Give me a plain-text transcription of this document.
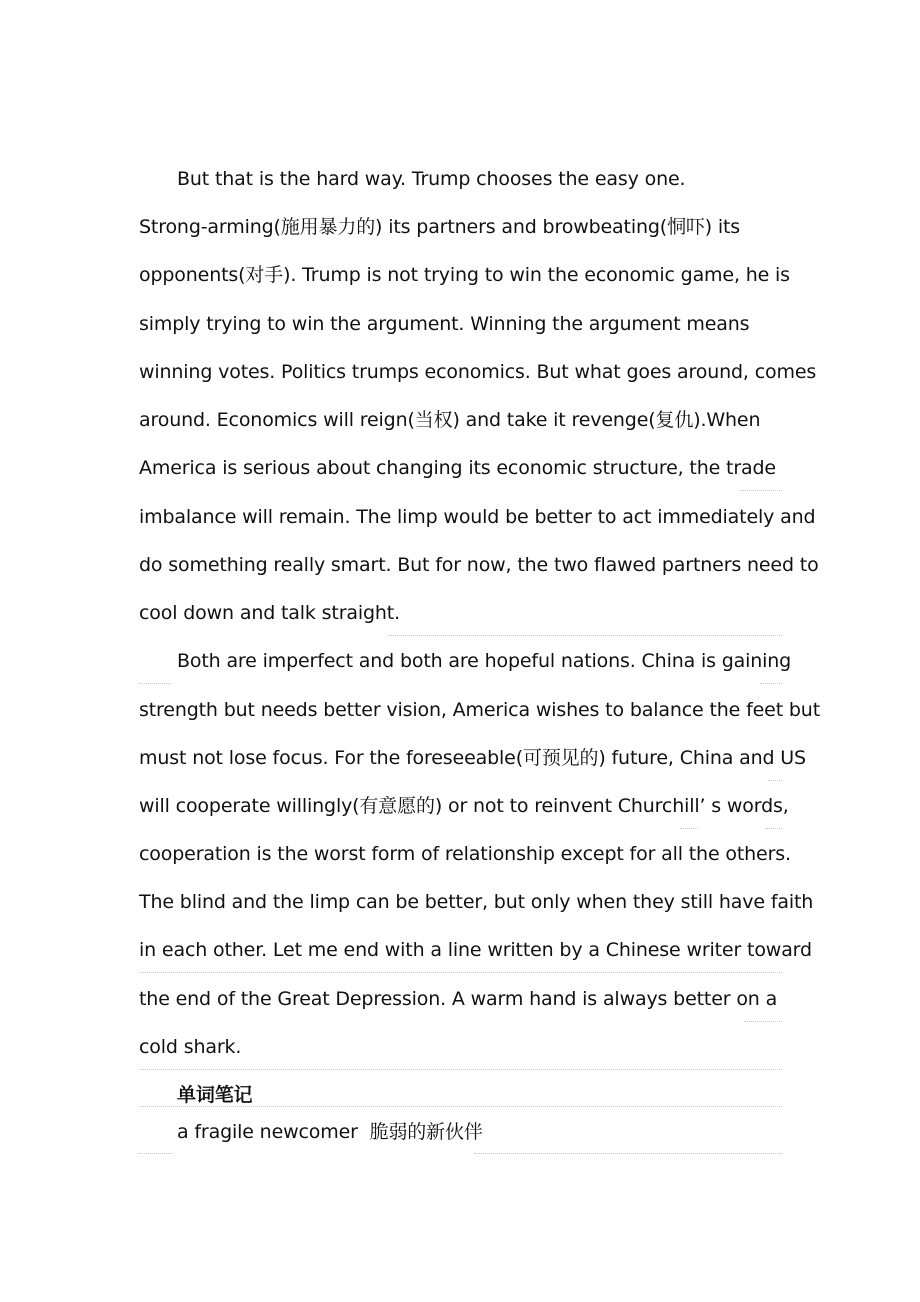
But that is the hard way. Trump chooses the easy one.
Strong-arming(施用暴力的) its partners and browbeating(恫吓) its
opponents(对手). Trump is not trying to win the economic game, he is
simply trying to win the argument. Winning the argument means
winning votes. Politics trumps economics. But what goes around, comes
around. Economics will reign(当权) and take it revenge(复仇).When
America is serious about changing its economic structure, the trade
imbalance will remain. The limp would be better to act immediately and
do something really smart. But for now, the two flawed partners need to
cool down and talk straight.
Both are imperfect and both are hopeful nations. China is gaining
strength but needs better vision, America wishes to balance the feet but
must not lose focus. For the foreseeable(可预见的) future, China and US
will cooperate willingly(有意愿的) or not to reinvent Churchill’ s words,
cooperation is the worst form of relationship except for all the others.
The blind and the limp can be better, but only when they still have faith
in each other. Let me end with a line written by a Chinese writer toward
the end of the Great Depression. A warm hand is always better on a
cold shark.
单词笔记
a fragile newcomer  脆弱的新伙伴
